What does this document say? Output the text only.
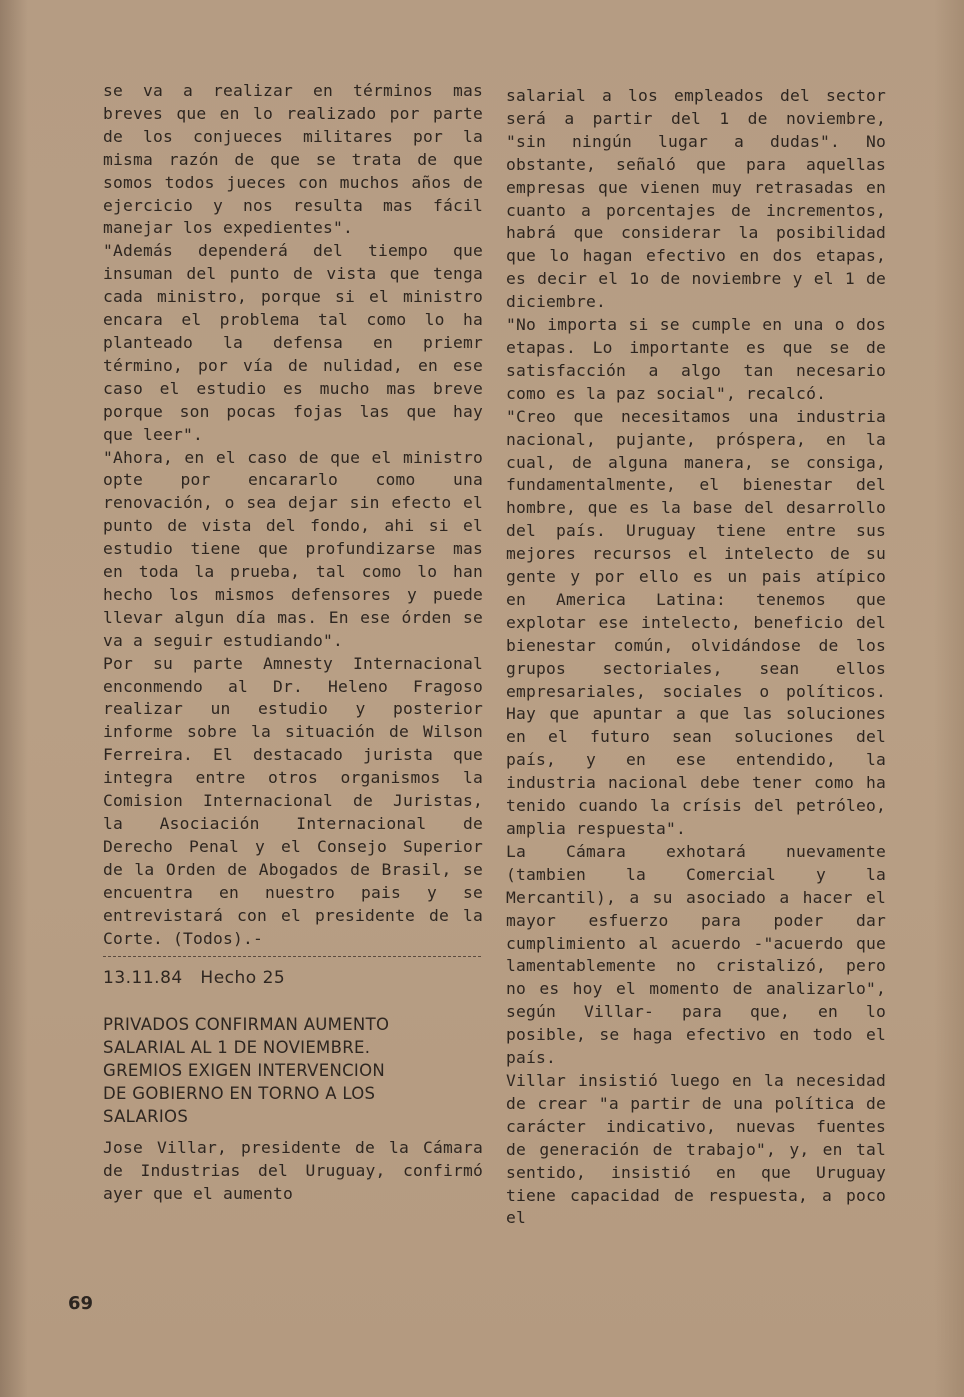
se va a realizar en términos mas breves que en lo realizado por parte de los conjueces militares por la misma razón de que se trata de que somos todos jueces con muchos años de ejercicio y nos resulta mas fácil manejar los expedientes".

"Además dependerá del tiempo que insuman del punto de vista que tenga cada ministro, porque si el ministro encara el problema tal como lo ha planteado la defensa en priemr término, por vía de nulidad, en ese caso el estudio es mucho mas breve porque son pocas fojas las que hay que leer".

"Ahora, en el caso de que el ministro opte por encararlo como una renovación, o sea dejar sin efecto el punto de vista del fondo, ahi si el estudio tiene que profundizarse mas en toda la prueba, tal como lo han hecho los mismos defensores y puede llevar algun día mas. En ese órden se va a seguir estudiando".

Por su parte Amnesty Internacional enconmendo al Dr. Heleno Fragoso realizar un estudio y posterior informe sobre la situación de Wilson Ferreira. El destacado jurista que integra entre otros organismos la Comision Internacional de Juristas, la Asociación Internacional de Derecho Penal y el Consejo Superior de la Orden de Abogados de Brasil, se encuentra en nuestro pais y se entrevistará con el presidente de la Corte. (Todos).-

13.11.84   Hecho 25

PRIVADOS CONFIRMAN AUMENTO

SALARIAL AL 1 DE NOVIEMBRE.

GREMIOS EXIGEN INTERVENCION

DE GOBIERNO EN TORNO A LOS

SALARIOS

Jose Villar, presidente de la Cámara de Industrias del Uruguay, confirmó ayer que el aumento

salarial a los empleados del sector será a partir del 1 de noviembre, "sin ningún lugar a dudas". No obstante, señaló que para aquellas empresas que vienen muy retrasadas en cuanto a porcentajes de incrementos, habrá que considerar la posibilidad que lo hagan efectivo en dos etapas, es decir el 1o de noviembre y el 1 de diciembre.

"No importa si se cumple en una o dos etapas. Lo importante es que se de satisfacción a algo tan necesario como es la paz social", recalcó.

"Creo que necesitamos una industria nacional, pujante, próspera, en la cual, de alguna manera, se consiga, fundamentalmente, el bienestar del hombre, que es la base del desarrollo del país. Uruguay tiene entre sus mejores recursos el intelecto de su gente y por ello es un pais atípico en America Latina: tenemos que explotar ese intelecto, beneficio del bienestar común, olvidándose de los grupos sectoriales, sean ellos empresariales, sociales o políticos. Hay que apuntar a que las soluciones en el futuro sean soluciones del país, y en ese entendido, la industria nacional debe tener como ha tenido cuando la crísis del petróleo, amplia respuesta".

La Cámara exhotará nuevamente (tambien la Comercial y la Mercantil), a su asociado a hacer el mayor esfuerzo para poder dar cumplimiento al acuerdo -"acuerdo que lamentablemente no cristalizó, pero no es hoy el momento de analizarlo", según Villar- para que, en lo posible, se haga efectivo en todo el país.

Villar insistió luego en la necesidad de crear "a partir de una política de carácter indicativo, nuevas fuentes de generación de trabajo", y, en tal sentido, insistió en que Uruguay tiene capacidad de respuesta, a poco el

69
